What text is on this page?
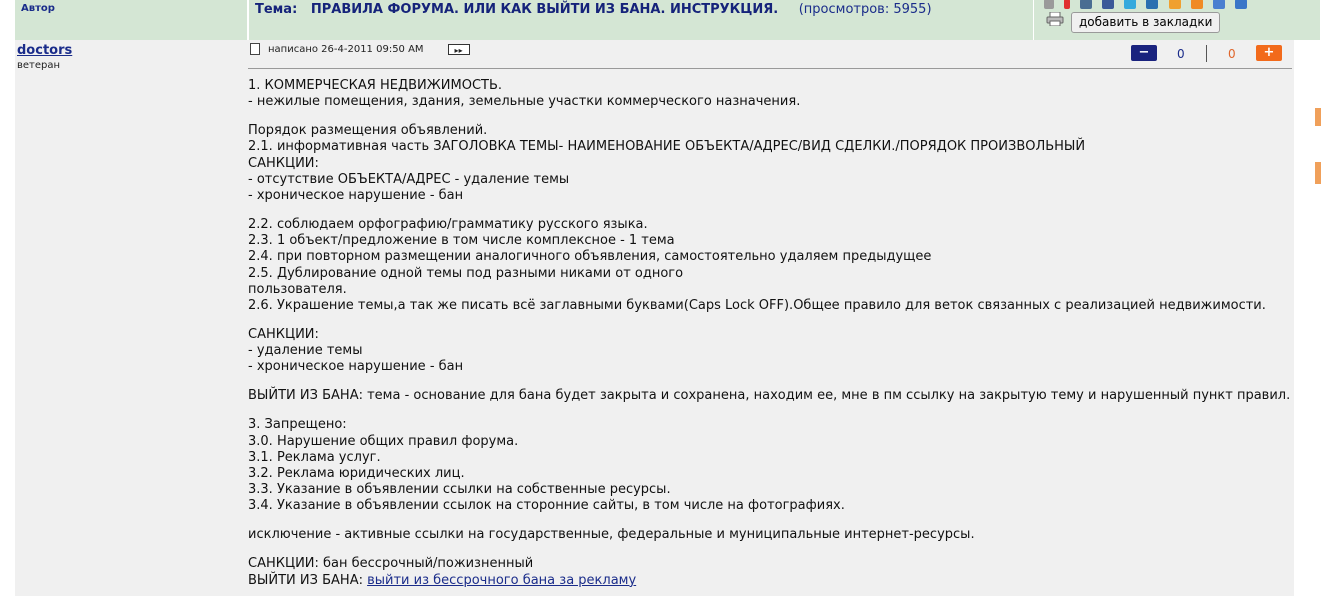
Автор	Тема: ПРАВИЛА ФОРУМА. ИЛИ КАК ВЫЙТИ ИЗ БАНА. ИНСТРУКЦИЯ. (просмотров: 5955)

добавить в закладки
doctors
ветеран
написано 26-4-2011 09:50 AM	▸▸	−	0	0	+

1. КОММЕРЧЕСКАЯ НЕДВИЖИМОСТЬ.
- нежилые помещения, здания, земельные участки коммерческого назначения.

Порядок размещения объявлений.
2.1. информативная часть ЗАГОЛОВКА ТЕМЫ- НАИМЕНОВАНИЕ ОБЪЕКТА/АДРЕС/ВИД СДЕЛКИ./ПОРЯДОК ПРОИЗВОЛЬНЫЙ
САНКЦИИ:
- отсутствие ОБЪЕКТА/АДРЕС - удаление темы
- хроническое нарушение - бан

2.2. соблюдаем орфографию/грамматику русского языка.
2.3. 1 объект/предложение в том числе комплексное - 1 тема
2.4. при повторном размещении аналогичного объявления, самостоятельно удаляем предыдущее
2.5. Дублирование одной темы под разными никами от одного
пользователя.
2.6. Украшение темы,а так же писать всё заглавными буквами(Caps Lock OFF).Общее правило для веток связанных с реализацией недвижимости.

САНКЦИИ:
- удаление темы
- хроническое нарушение - бан

ВЫЙТИ ИЗ БАНА: тема - основание для бана будет закрыта и сохранена, находим ее, мне в пм ссылку на закрытую тему и нарушенный пункт правил.

3. Запрещено:
3.0. Нарушение общих правил форума.
3.1. Реклама услуг.
3.2. Реклама юридических лиц.
3.3. Указание в объявлении ссылки на собственные ресурсы.
3.4. Указание в объявлении ссылок на сторонние сайты, в том числе на фотографиях.

исключение - активные ссылки на государственные, федеральные и муниципальные интернет-ресурсы.

САНКЦИИ: бан бессрочный/пожизненный
ВЫЙТИ ИЗ БАНА: выйти из бессрочного бана за рекламу
